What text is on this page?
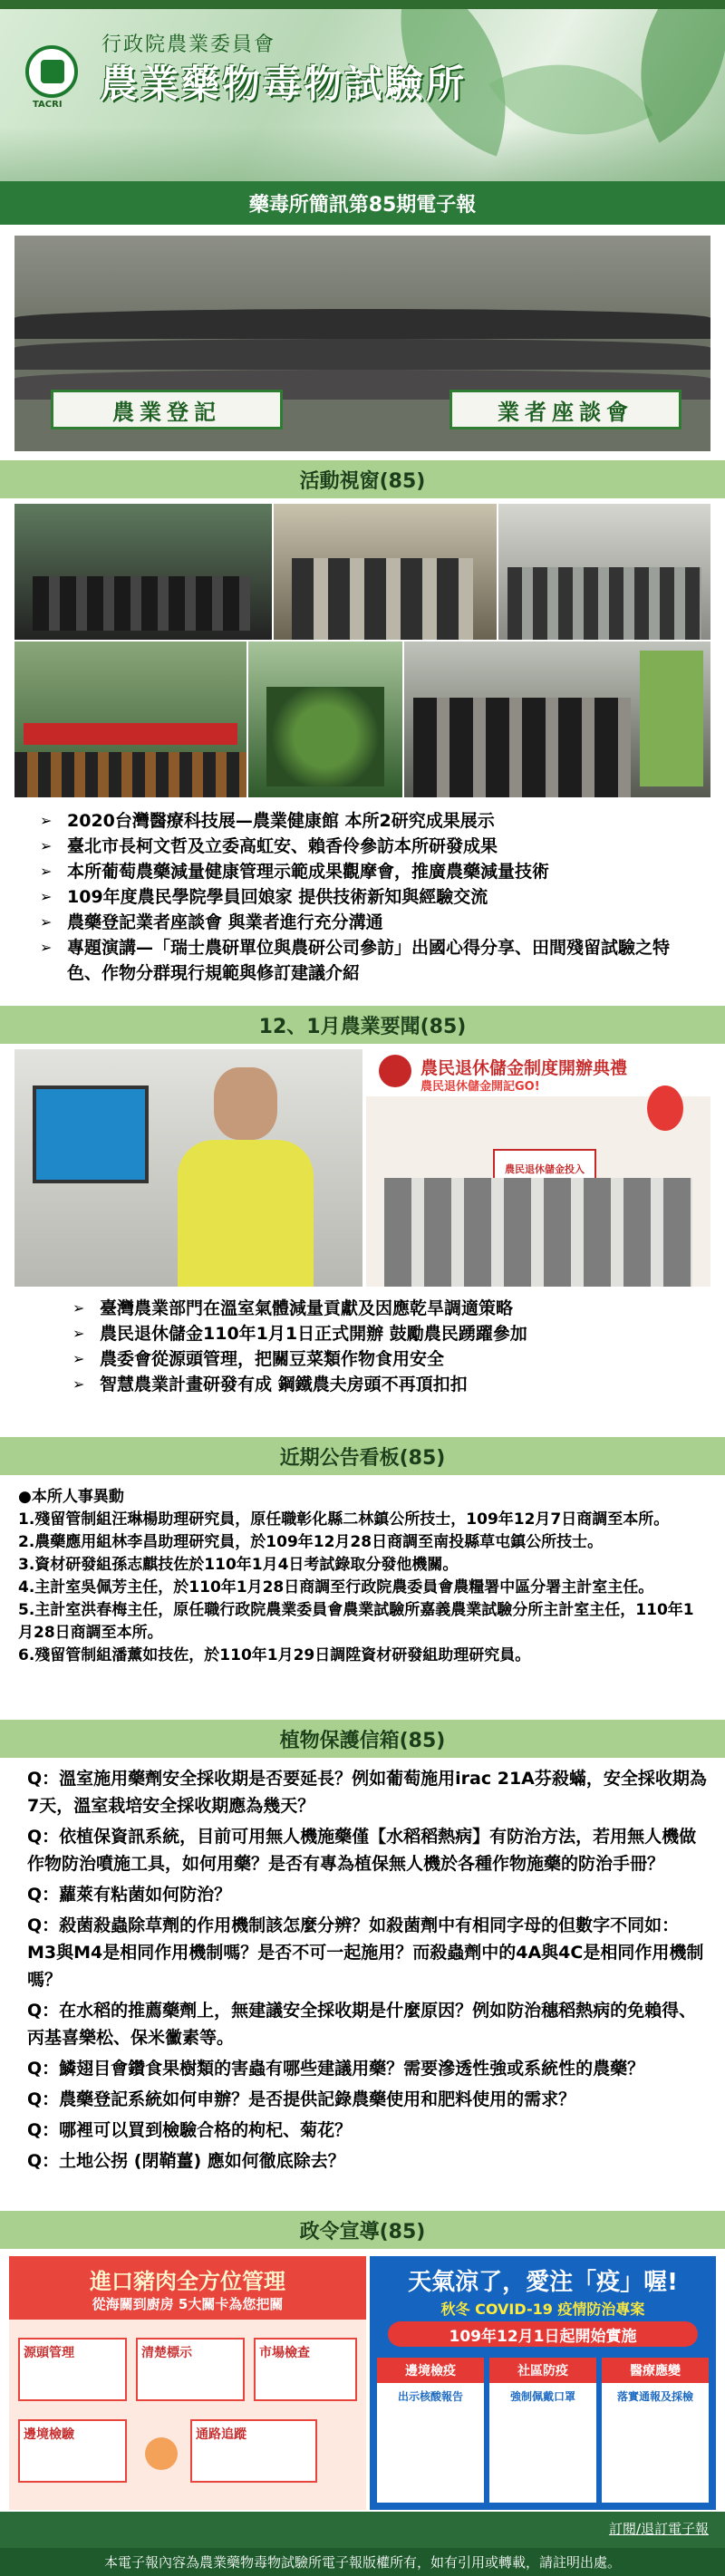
TACRI
行政院農業委員會
農業藥物毒物試驗所
藥毒所簡訊第85期電子報
農業登記	業者座談會
活動視窗(85)
➢ 2020台灣醫療科技展—農業健康館 本所2研究成果展示
➢ 臺北市長柯文哲及立委高虹安、賴香伶參訪本所研發成果
➢ 本所葡萄農藥減量健康管理示範成果觀摩會，推廣農藥減量技術
➢ 109年度農民學院學員回娘家 提供技術新知與經驗交流
➢ 農藥登記業者座談會 與業者進行充分溝通
➢ 專題演講—「瑞士農研單位與農研公司參訪」出國心得分享、田間殘留試驗之特色、作物分群現行規範與修訂建議介紹
12、1月農業要聞(85)
農民退休儲金制度開辦典禮
農民退休儲金開記GO!
農民退休儲金投入
➢ 臺灣農業部門在溫室氣體減量貢獻及因應乾旱調適策略
➢ 農民退休儲金110年1月1日正式開辦 鼓勵農民踴躍參加
➢ 農委會從源頭管理，把關豆菜類作物食用安全
➢ 智慧農業計畫研發有成 鋼鐵農夫房頭不再頂扣扣
近期公告看板(85)

●本所人事異動

1.殘留管制組汪琳楊助理研究員，原任職彰化縣二林鎮公所技士，109年12月7日商調至本所。

2.農藥應用組林李昌助理研究員，於109年12月28日商調至南投縣草屯鎮公所技士。

3.資材研發組孫志麒技佐於110年1月4日考試錄取分發他機關。

4.主計室吳佩芳主任，於110年1月28日商調至行政院農委員會農糧署中區分署主計室主任。

5.主計室洪春梅主任，原任職行政院農業委員會農業試驗所嘉義農業試驗分所主計室主任，110年1月28日商調至本所。

6.殘留管制組潘薰如技佐，於110年1月29日調陞資材研發組助理研究員。

植物保護信箱(85)

Q：溫室施用藥劑安全採收期是否要延長？例如葡萄施用irac 21A芬殺蟎，安全採收期為7天，溫室栽培安全採收期應為幾天？

Q：依植保資訊系統，目前可用無人機施藥僅【水稻稻熱病】有防治方法，若用無人機做作物防治噴施工具，如何用藥？是否有專為植保無人機於各種作物施藥的防治手冊？

Q：蘿萊有粘菌如何防治？

Q：殺菌殺蟲除草劑的作用機制該怎麼分辨？如殺菌劑中有相同字母的但數字不同如：M3與M4是相同作用機制嗎？是否不可一起施用？而殺蟲劑中的4A與4C是相同作用機制嗎？

Q：在水稻的推薦藥劑上，無建議安全採收期是什麼原因？例如防治穗稻熱病的免賴得、丙基喜樂松、保米黴素等。

Q：鱗翅目會鑽食果樹類的害蟲有哪些建議用藥？需要滲透性強或系統性的農藥？

Q：農藥登記系統如何申辦？是否提供記錄農藥使用和肥料使用的需求？

Q：哪裡可以買到檢驗合格的枸杞、菊花？

Q：土地公拐 (閉鞘薑) 應如何徹底除去？

政令宣導(85)
進口豬肉全方位管理
從海關到廚房 5大關卡為您把關
源頭管理	清楚標示	市場檢查
邊境檢驗	通路追蹤
天氣涼了，愛注「疫」喔!
秋冬 COVID-19 疫情防治專案
109年12月1日起開始實施
邊境檢疫
出示核酸報告
社區防疫
強制佩戴口罩
醫療應變
落實通報及採檢
訂閱/退訂電子報
本電子報內容為農業藥物毒物試驗所電子報版權所有，如有引用或轉載，請註明出處。
